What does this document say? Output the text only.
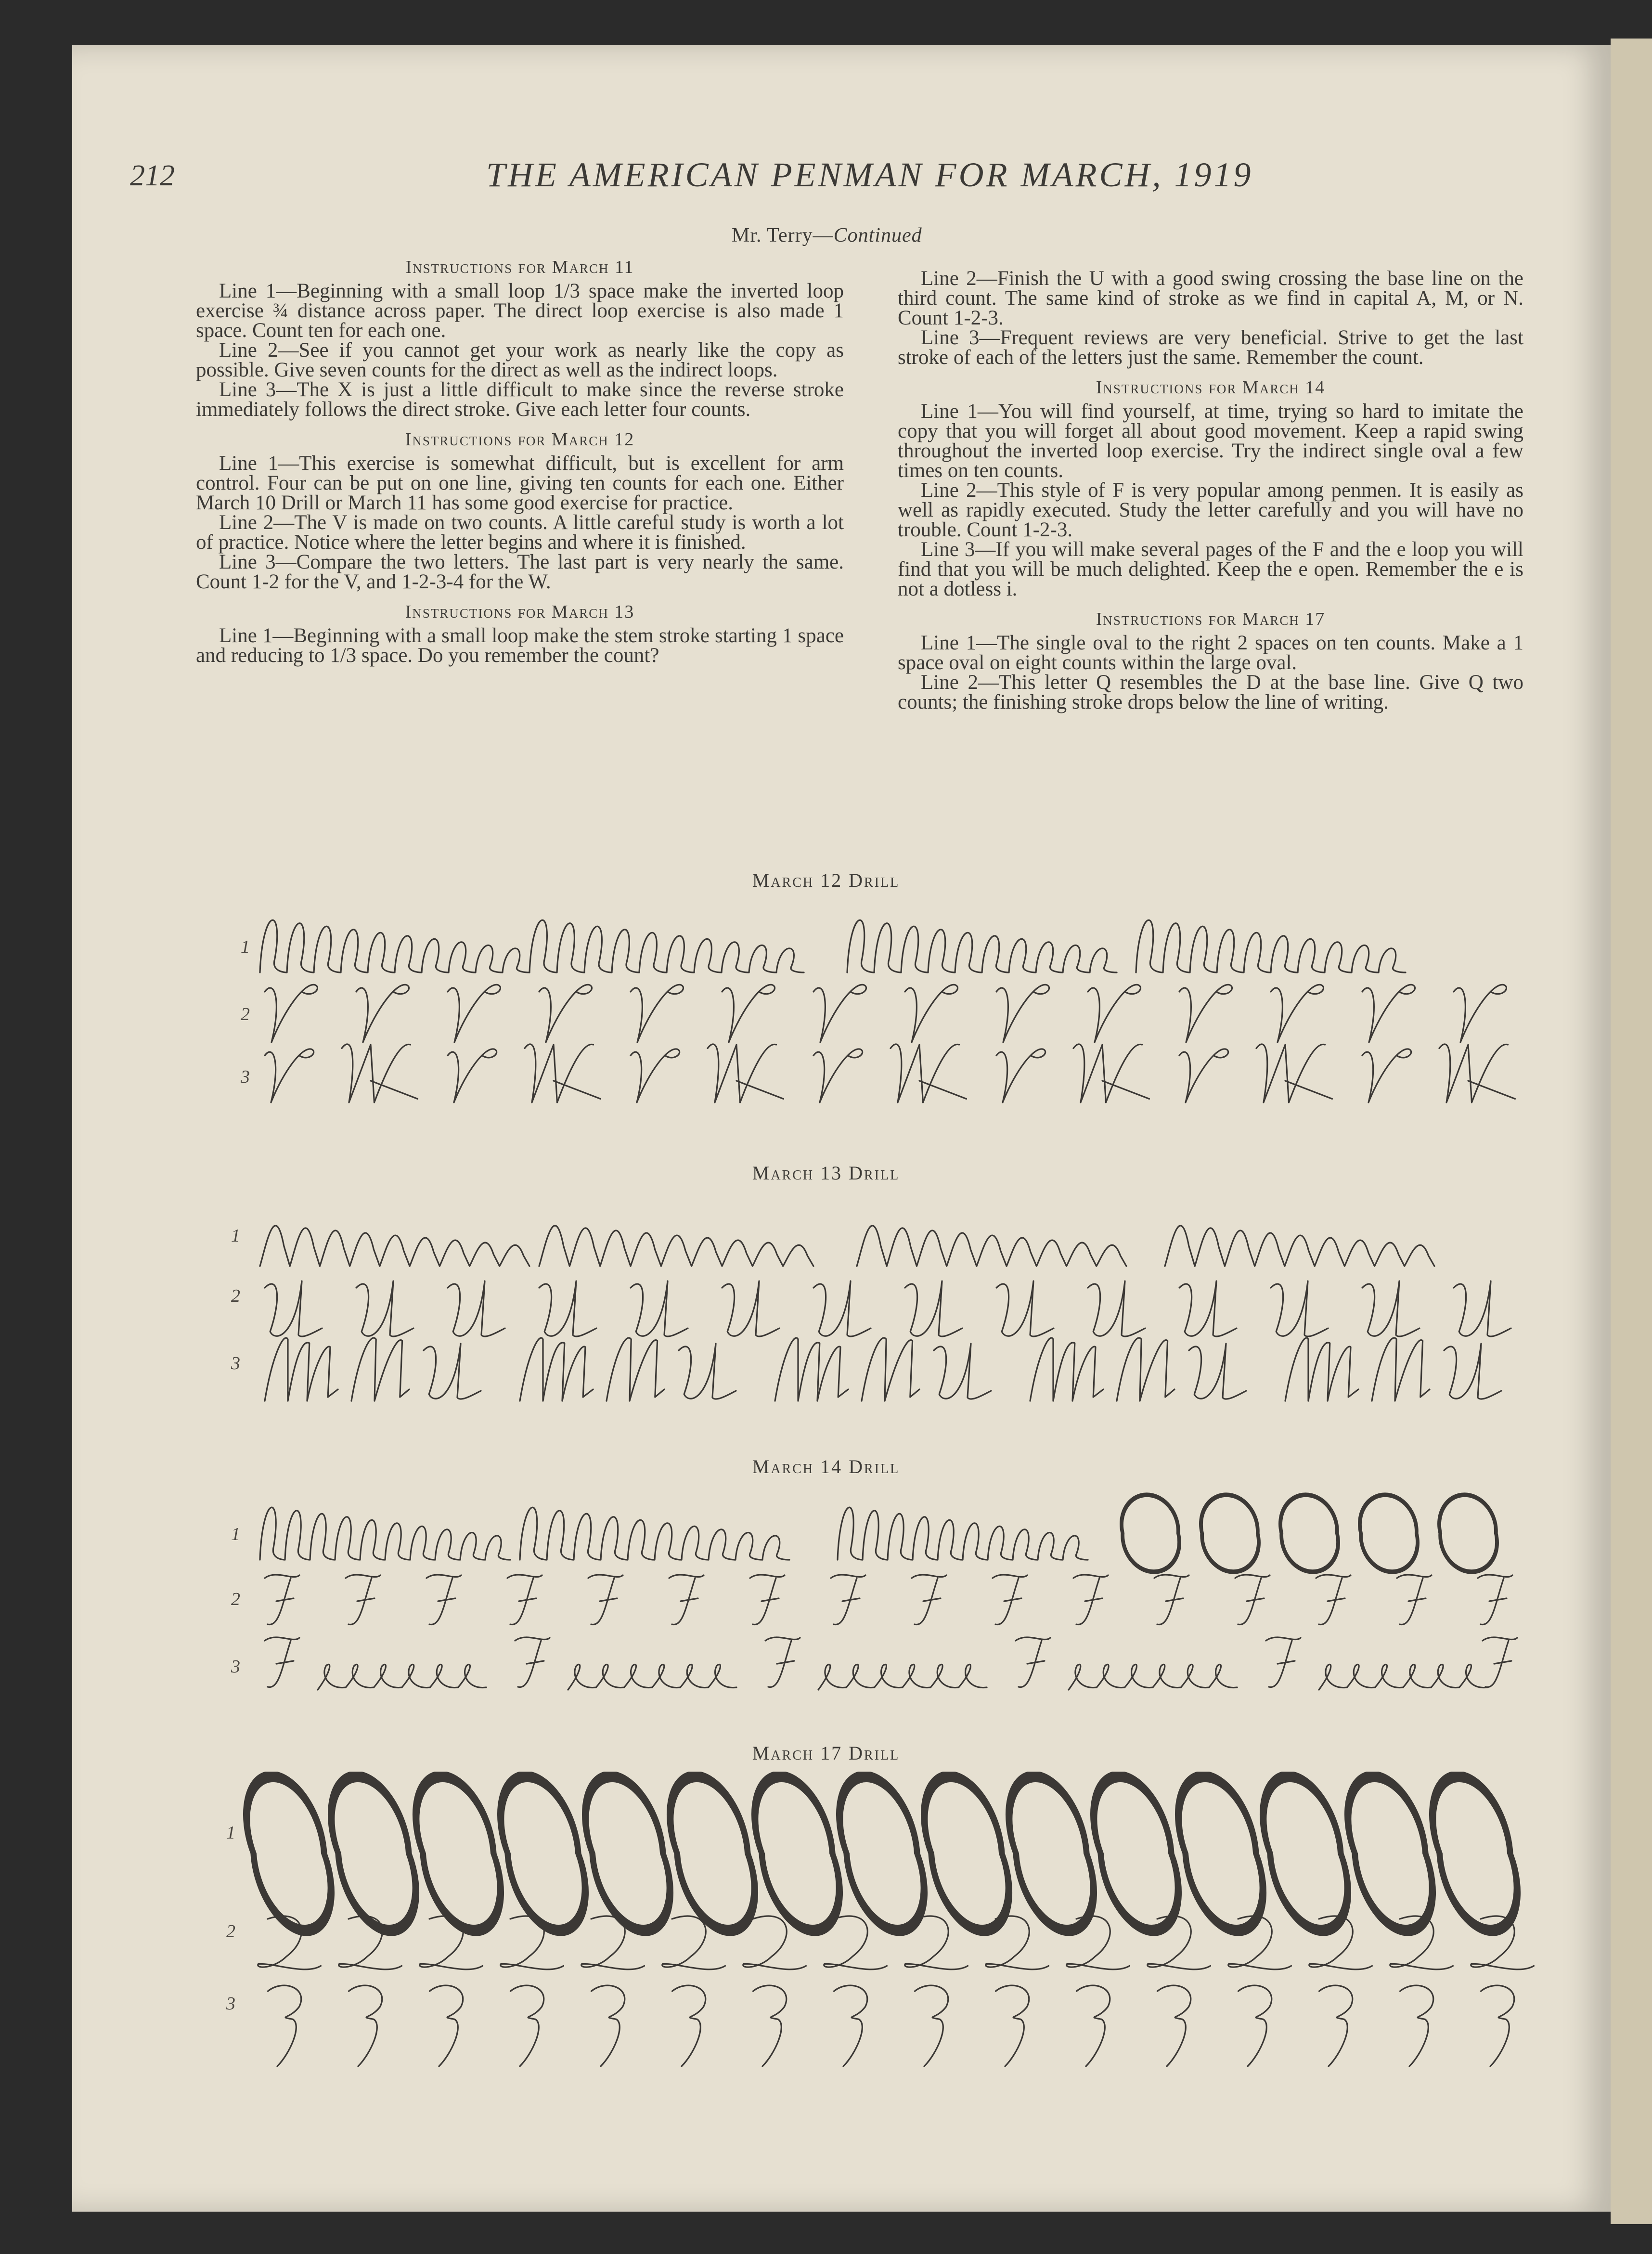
212	THE AMERICAN PENMAN FOR MARCH, 1919
Mr. Terry—Continued
Instructions for March 11

Line 1—Beginning with a small loop 1/3 space make the inverted loop exercise ¾ distance across paper. The direct loop exercise is also made 1 space. Count ten for each one.

Line 2—See if you cannot get your work as nearly like the copy as possible. Give seven counts for the direct as well as the indirect loops.

Line 3—The X is just a little difficult to make since the reverse stroke immediately follows the direct stroke. Give each letter four counts.

Instructions for March 12

Line 1—This exercise is somewhat difficult, but is excellent for arm control. Four can be put on one line, giving ten counts for each one. Either March 10 Drill or March 11 has some good exercise for practice.

Line 2—The V is made on two counts. A little careful study is worth a lot of practice. Notice where the letter begins and where it is finished.

Line 3—Compare the two letters. The last part is very nearly the same. Count 1-2 for the V, and 1-2-3-4 for the W.

Instructions for March 13

Line 1—Beginning with a small loop make the stem stroke starting 1 space and reducing to 1/3 space. Do you remember the count?

Line 2—Finish the U with a good swing crossing the base line on the third count. The same kind of stroke as we find in capital A, M, or N. Count 1-2-3.

Line 3—Frequent reviews are very beneficial. Strive to get the last stroke of each of the letters just the same. Remember the count.

Instructions for March 14

Line 1—You will find yourself, at time, trying so hard to imitate the copy that you will forget all about good movement. Keep a rapid swing throughout the inverted loop exercise. Try the indirect single oval a few times on ten counts.

Line 2—This style of F is very popular among penmen. It is easily as well as rapidly executed. Study the letter carefully and you will have no trouble. Count 1-2-3.

Line 3—If you will make several pages of the F and the e loop you will find that you will be much delighted. Keep the e open. Remember the e is not a dotless i.

Instructions for March 17

Line 1—The single oval to the right 2 spaces on ten counts. Make a 1 space oval on eight counts within the large oval.

Line 2—This letter Q resembles the D at the base line. Give Q two counts; the finishing stroke drops below the line of writing.

March 12 Drill
1
2
3
March 13 Drill
1
2
3
March 14 Drill
1
2
3
March 17 Drill
1
2
3
